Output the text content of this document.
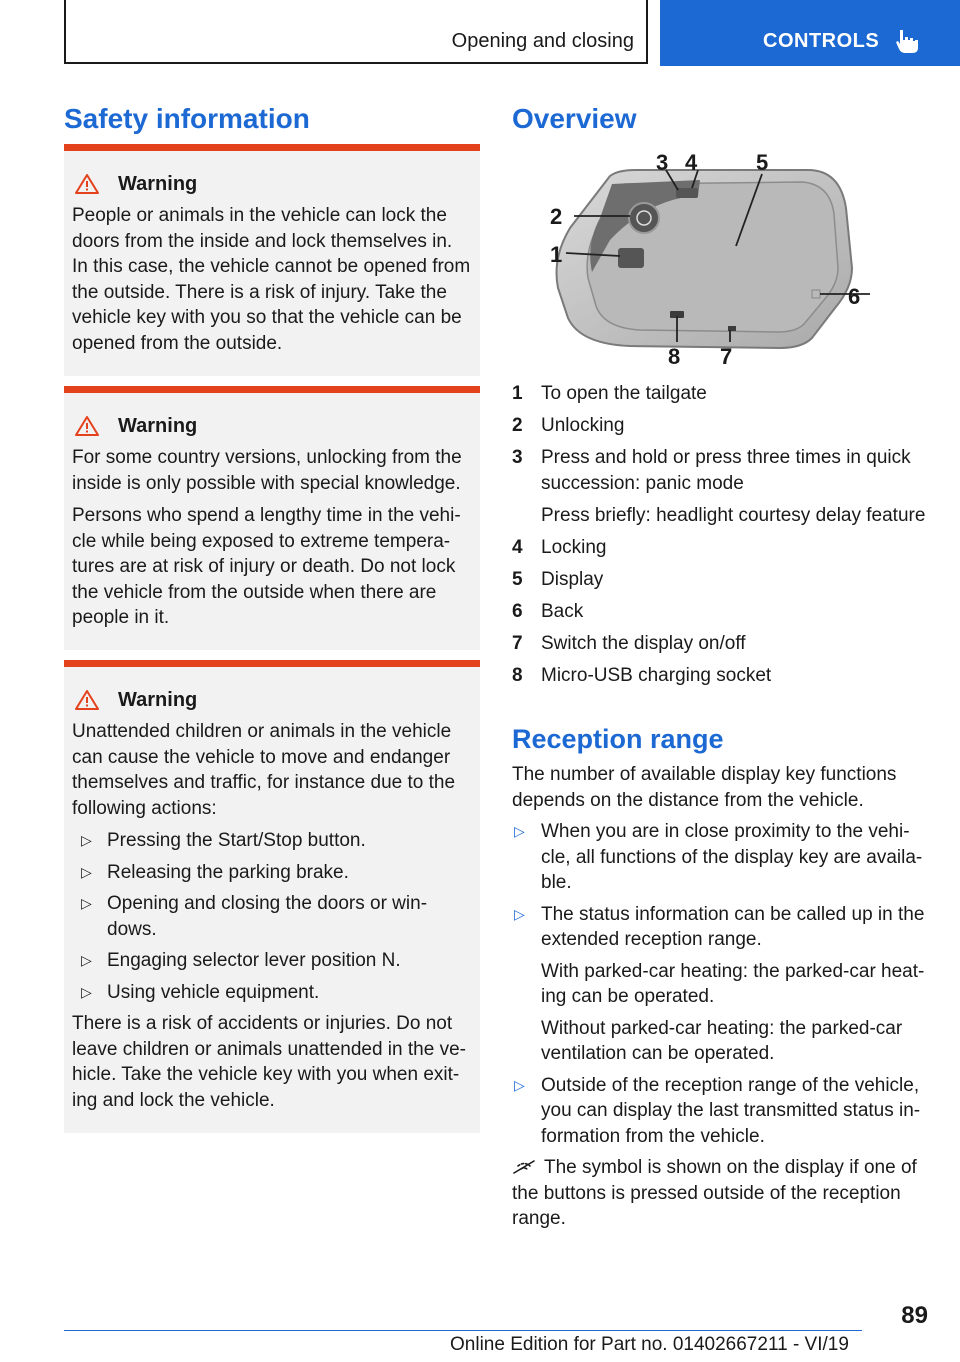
Opening and closing	CONTROLS
Safety information
Warning

People or animals in the vehicle can lock the doors from the inside and lock themselves in. In this case, the vehicle cannot be opened from the outside. There is a risk of injury. Take the vehicle key with you so that the vehicle can be opened from the outside.

Warning

For some country versions, unlocking from the inside is only possible with special knowledge.

Persons who spend a lengthy time in the vehi-cle while being exposed to extreme tempera-tures are at risk of injury or death. Do not lock the vehicle from the outside when there are people in it.

Warning

Unattended children or animals in the vehicle can cause the vehicle to move and endanger themselves and traffic, for instance due to the following actions:

▷ Pressing the Start/Stop button.
▷ Releasing the parking brake.
▷ Opening and closing the doors or win-dows.
▷ Engaging selector lever position N.
▷ Using vehicle equipment.

There is a risk of accidents or injuries. Do not leave children or animals unattended in the ve-hicle. Take the vehicle key with you when exit-ing and lock the vehicle.

Overview
1
2
3 4	5
6
7
8
1 To open the tailgate
2 Unlocking
3 Press and hold or press three times in quick succession: panic mode
Press briefly: headlight courtesy delay feature
4 Locking
5 Display
6 Back
7 Switch the display on/off
8 Micro-USB charging socket
Reception range
The number of available display key functions depends on the distance from the vehicle.
▷ When you are in close proximity to the vehi-cle, all functions of the display key are availa-ble.
▷ The status information can be called up in the extended reception range.
With parked-car heating: the parked-car heat-ing can be operated.
Without parked-car heating: the parked-car ventilation can be operated.
▷ Outside of the reception range of the vehicle, you can display the last transmitted status in-formation from the vehicle.
The symbol is shown on the display if one of the buttons is pressed outside of the reception range.
89
Online Edition for Part no. 01402667211 - VI/19
